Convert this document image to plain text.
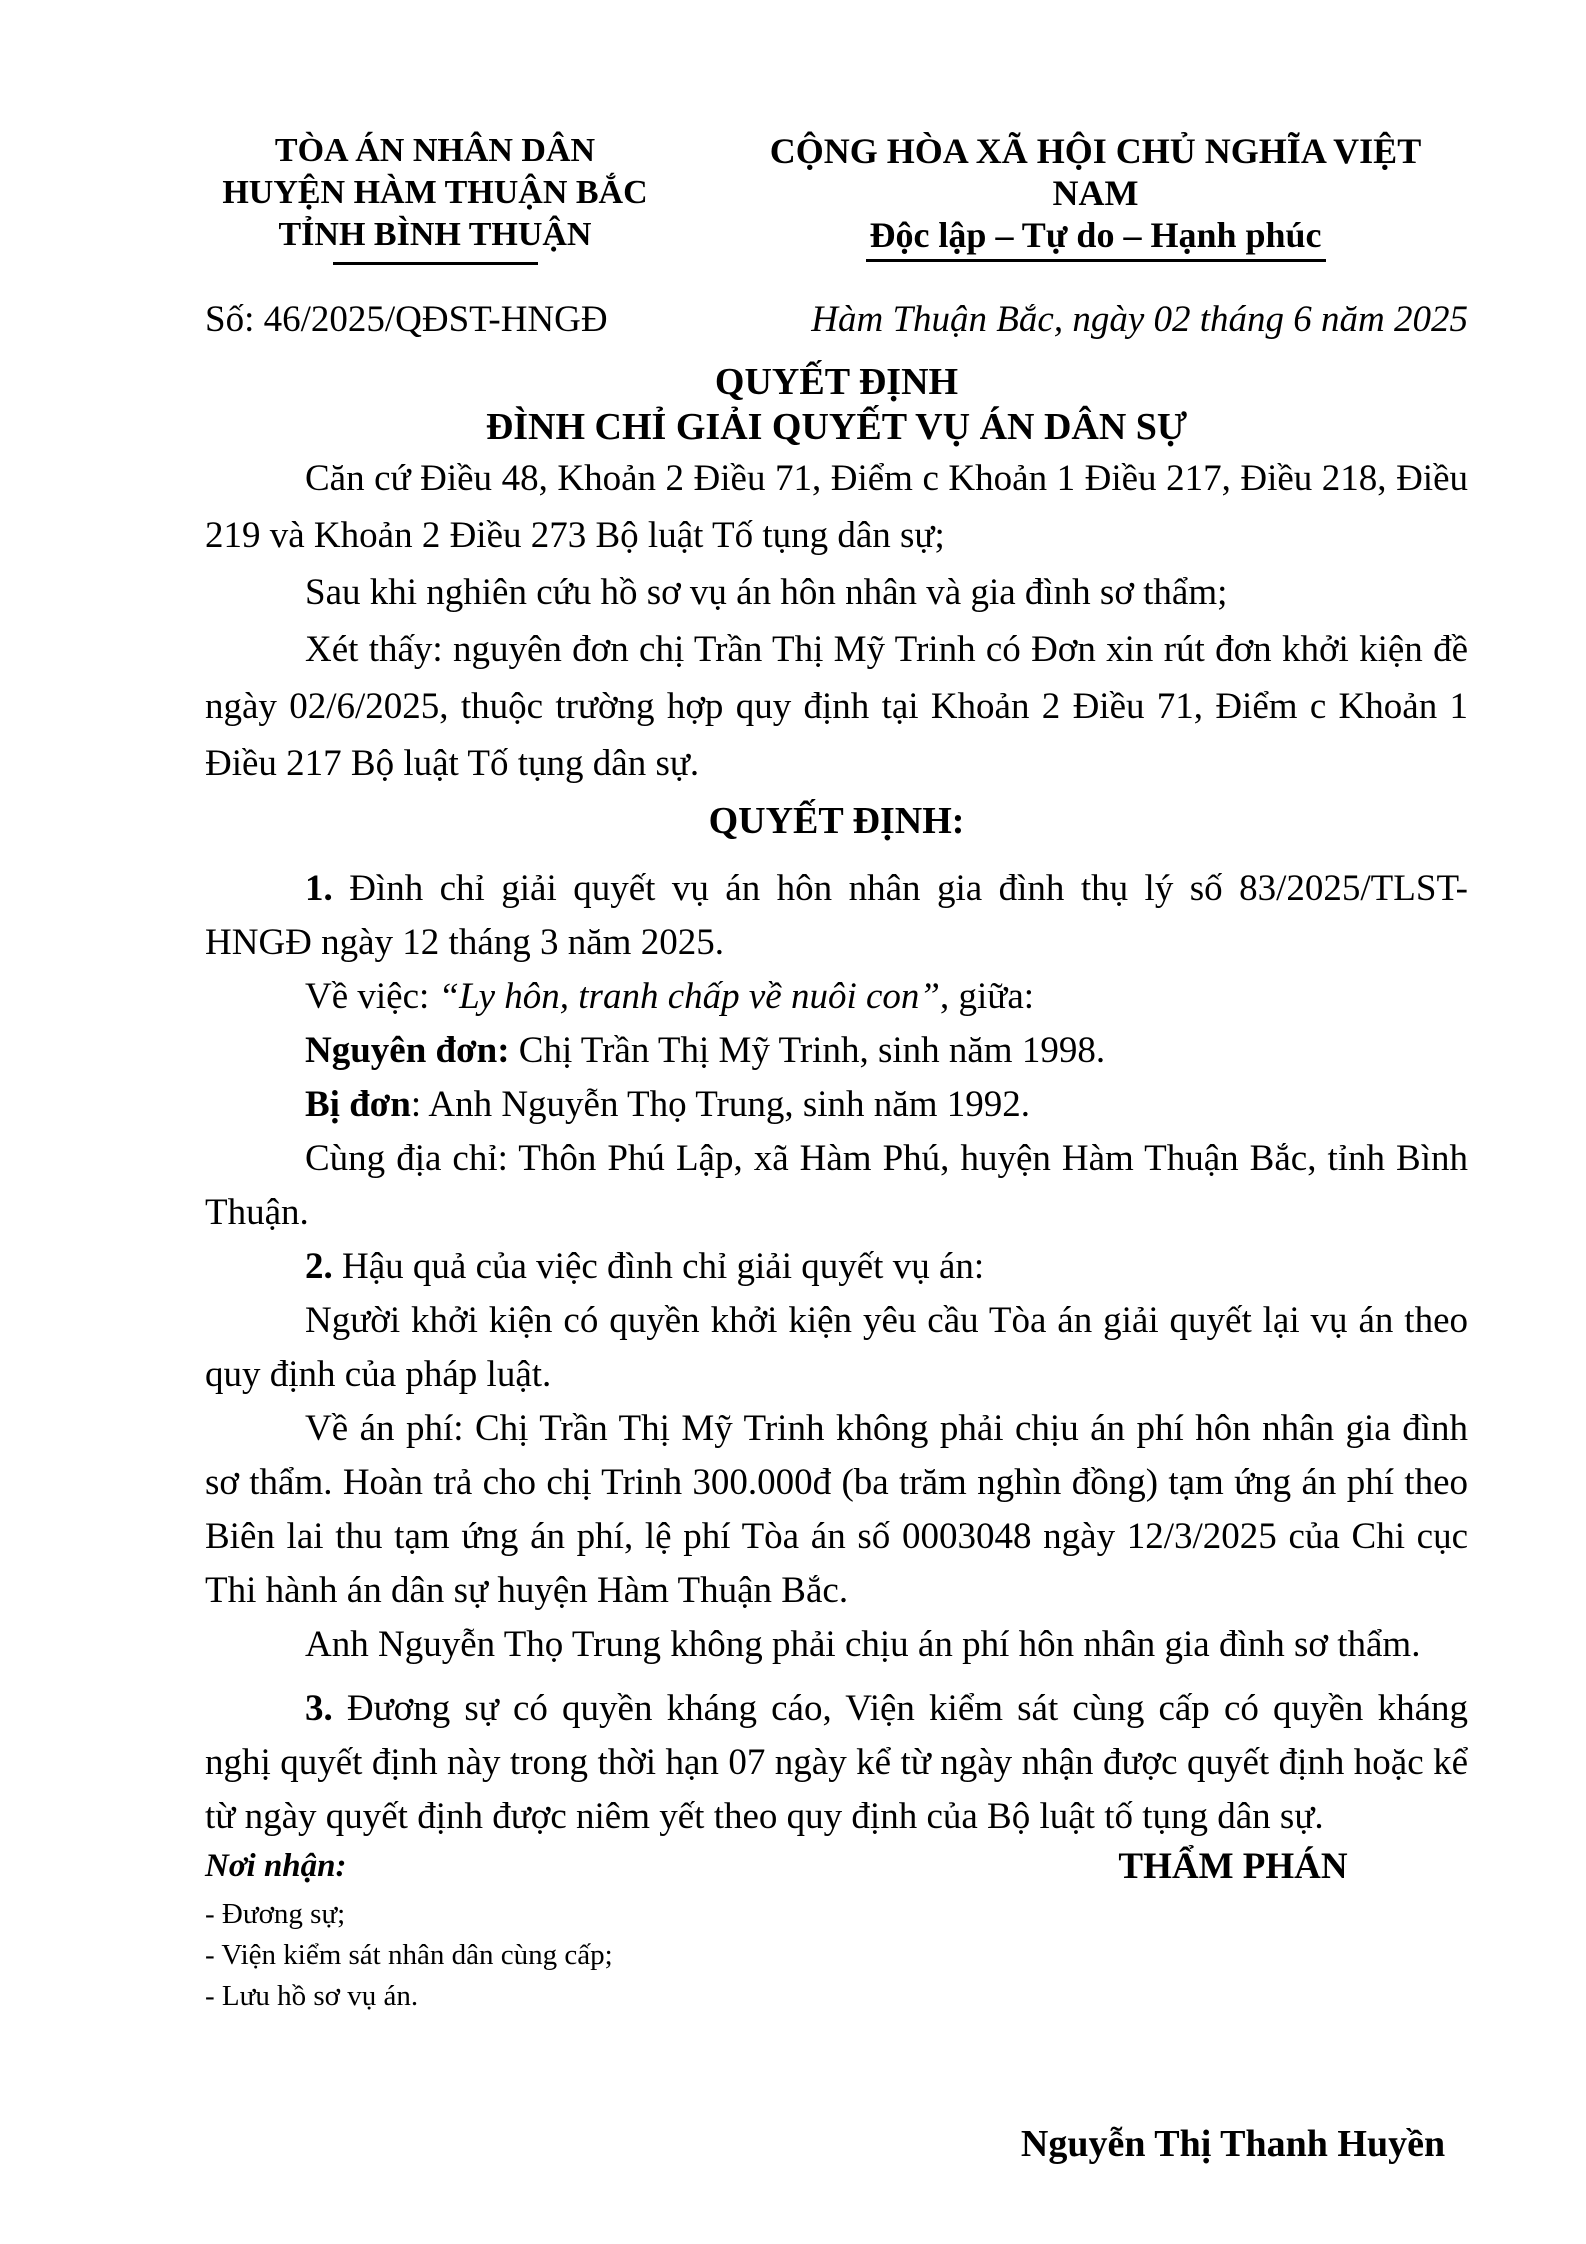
TÒA ÁN NHÂN DÂN
HUYỆN HÀM THUẬN BẮC
TỈNH BÌNH THUẬN
CỘNG HÒA XÃ HỘI CHỦ NGHĨA VIỆT NAM
Độc lập – Tự do – Hạnh phúc
Số: 46/2025/QĐST-HNGĐ	Hàm Thuận Bắc, ngày 02 tháng 6 năm 2025
QUYẾT ĐỊNH
ĐÌNH CHỈ GIẢI QUYẾT VỤ ÁN DÂN SỰ

Căn cứ Điều 48, Khoản 2 Điều 71, Điểm c Khoản 1 Điều 217, Điều 218, Điều 219 và Khoản 2 Điều 273 Bộ luật Tố tụng dân sự;

Sau khi nghiên cứu hồ sơ vụ án hôn nhân và gia đình sơ thẩm;

Xét thấy: nguyên đơn chị Trần Thị Mỹ Trinh có Đơn xin rút đơn khởi kiện đề ngày 02/6/2025, thuộc trường hợp quy định tại Khoản 2 Điều 71, Điểm c Khoản 1 Điều 217 Bộ luật Tố tụng dân sự.

QUYẾT ĐỊNH:

1. Đình chỉ giải quyết vụ án hôn nhân gia đình thụ lý số 83/2025/TLST-HNGĐ ngày 12 tháng 3 năm 2025.

Về việc: “Ly hôn, tranh chấp về nuôi con”, giữa:

Nguyên đơn: Chị Trần Thị Mỹ Trinh, sinh năm 1998.

Bị đơn: Anh Nguyễn Thọ Trung, sinh năm 1992.

Cùng địa chỉ: Thôn Phú Lập, xã Hàm Phú, huyện Hàm Thuận Bắc, tỉnh Bình Thuận.

2. Hậu quả của việc đình chỉ giải quyết vụ án:

Người khởi kiện có quyền khởi kiện yêu cầu Tòa án giải quyết lại vụ án theo quy định của pháp luật.

Về án phí: Chị Trần Thị Mỹ Trinh không phải chịu án phí hôn nhân gia đình sơ thẩm. Hoàn trả cho chị Trinh 300.000đ (ba trăm nghìn đồng) tạm ứng án phí theo Biên lai thu tạm ứng án phí, lệ phí Tòa án số 0003048 ngày 12/3/2025 của Chi cục Thi hành án dân sự huyện Hàm Thuận Bắc.

Anh Nguyễn Thọ Trung không phải chịu án phí hôn nhân gia đình sơ thẩm.

3. Đương sự có quyền kháng cáo, Viện kiểm sát cùng cấp có quyền kháng nghị quyết định này trong thời hạn 07 ngày kể từ ngày nhận được quyết định hoặc kể từ ngày quyết định được niêm yết theo quy định của Bộ luật tố tụng dân sự.

Nơi nhận:
- Đương sự;
- Viện kiểm sát nhân dân cùng cấp;
- Lưu hồ sơ vụ án.
THẨM PHÁN
Nguyễn Thị Thanh Huyền
